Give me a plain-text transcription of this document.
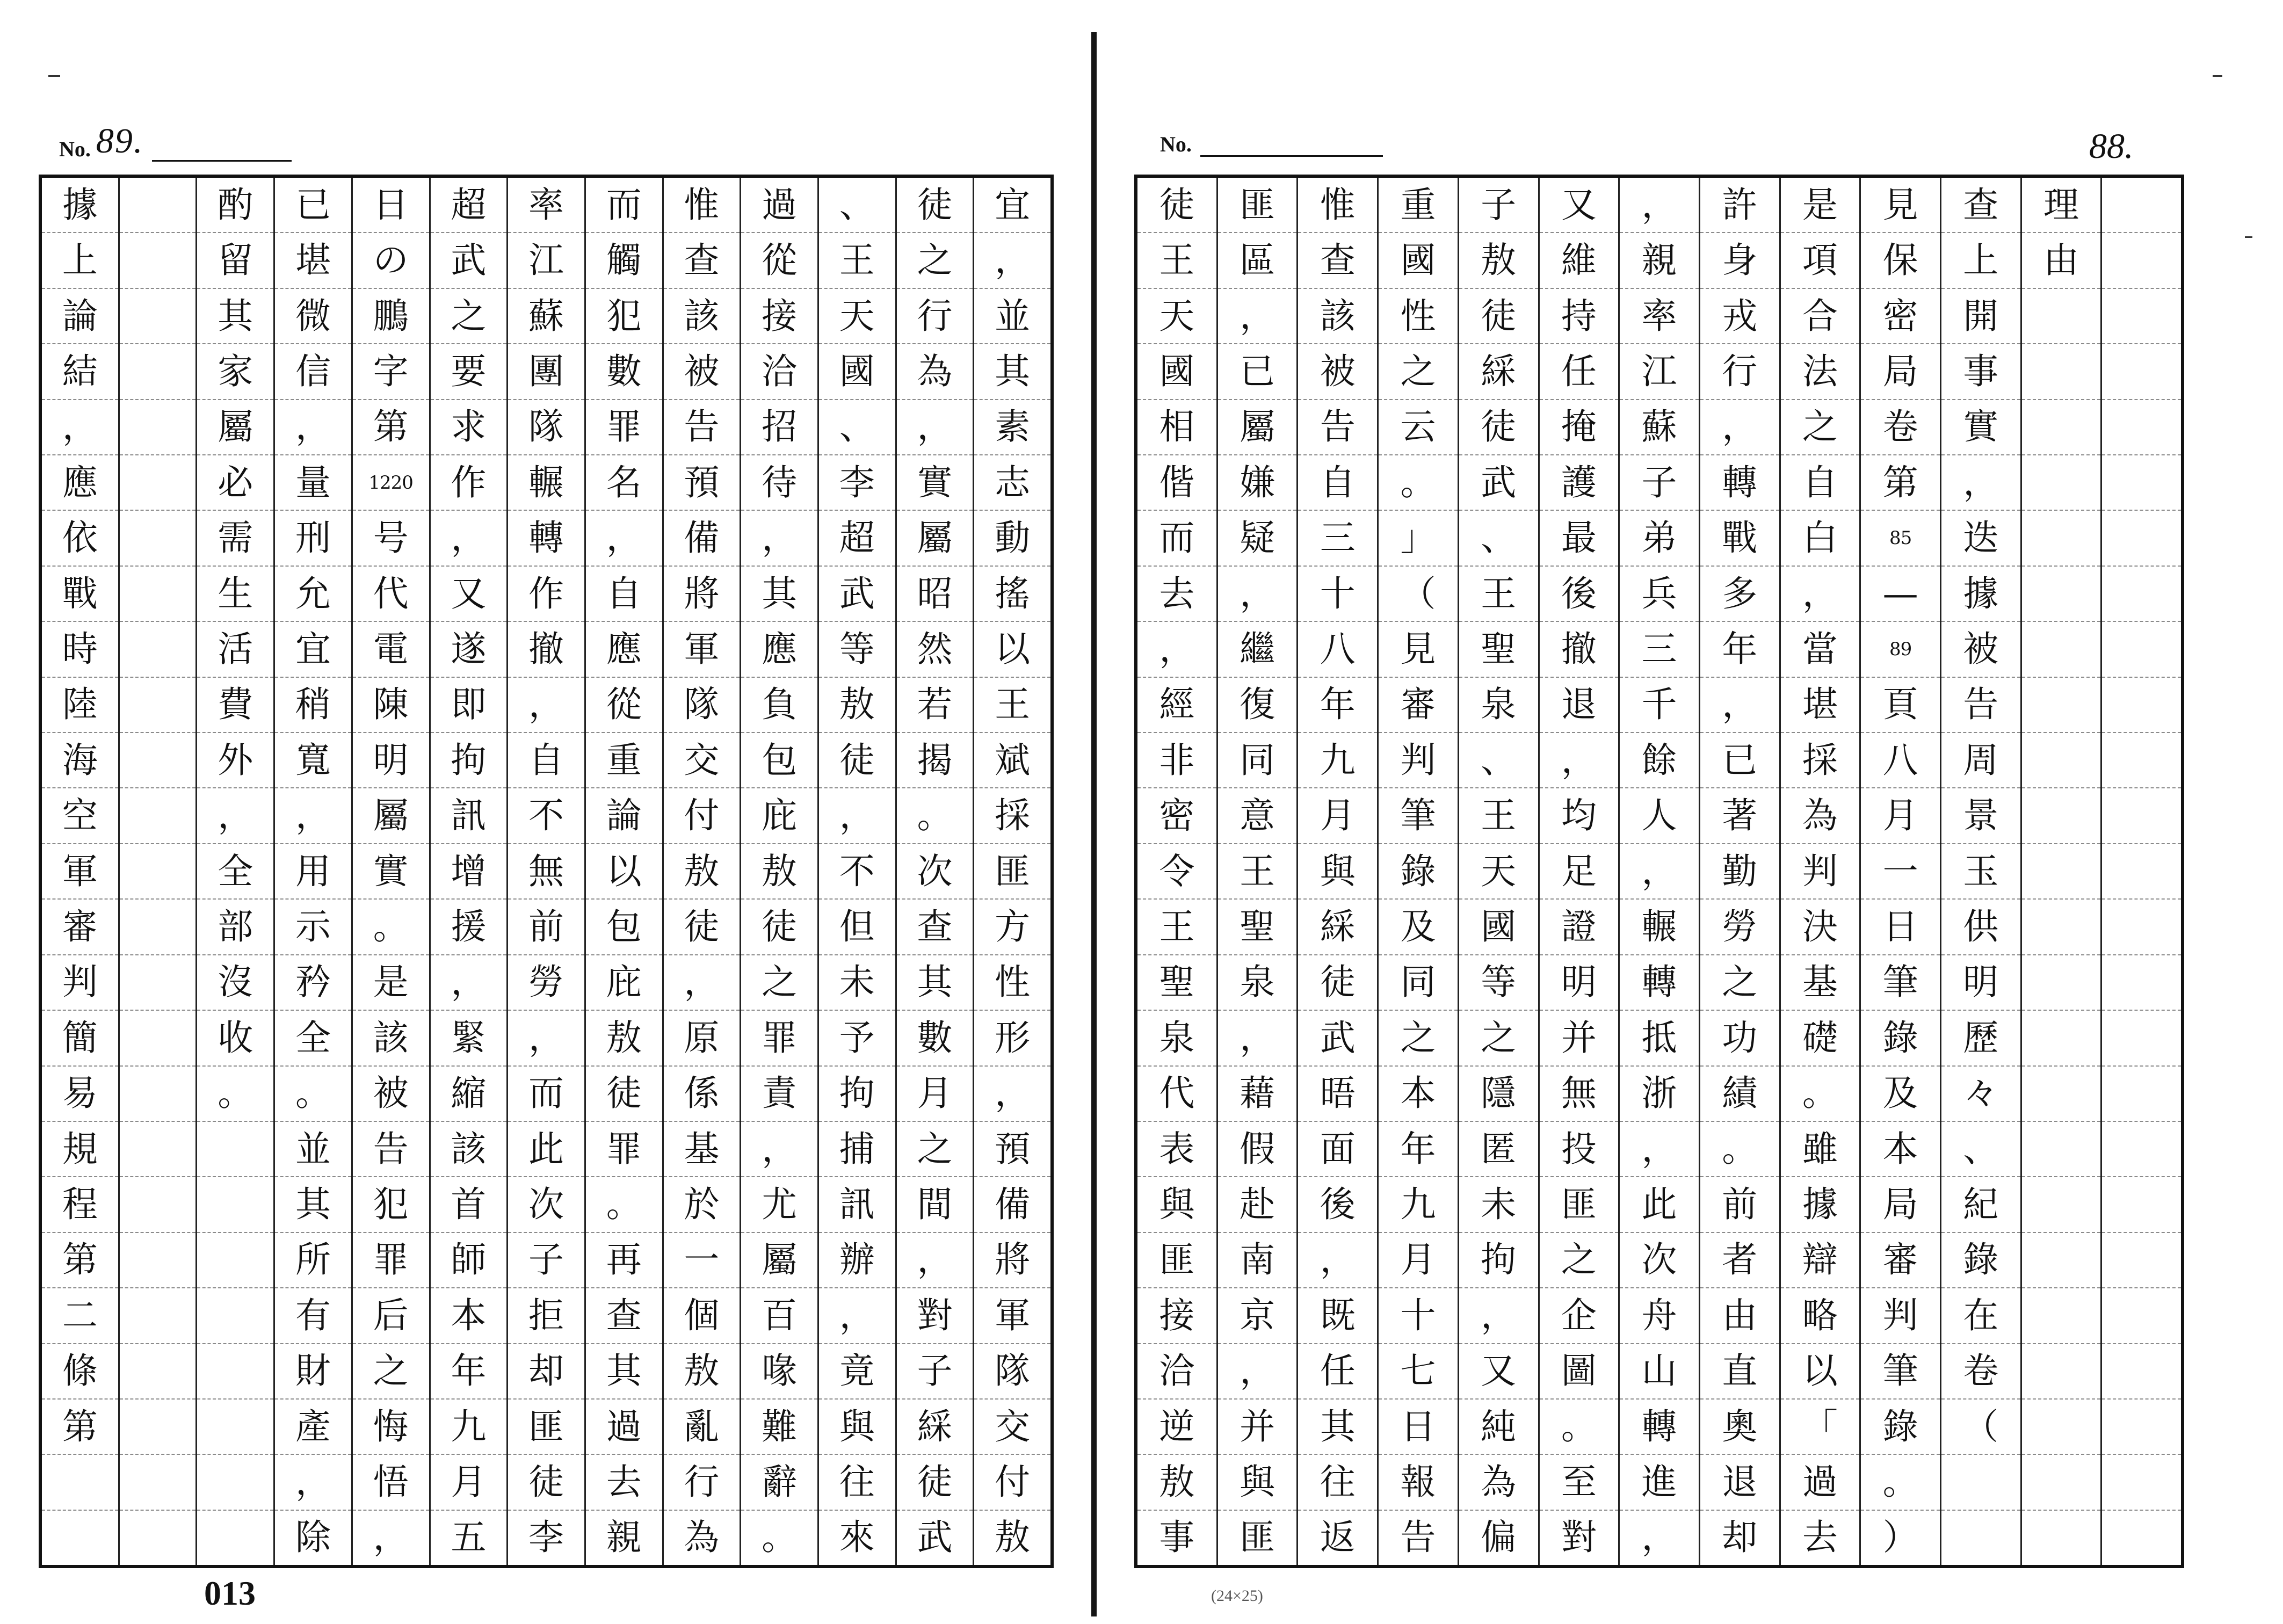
No. 89.
宜
，
並
其
素
志
動
搖
以
王
斌
採
匪
方
性
形
，
預
備
將
軍
隊
交
付
敖
徒
之
行
為
，
實
屬
昭
然
若
揭
。
次
查
其
數
月
之
間
，
對
子
綵
徒
武
、
王
天
國
、
李
超
武
等
敖
徒
，
不
但
未
予
拘
捕
訊
辦
，
竟
與
往
來
過
從
接
洽
招
待
，
其
應
負
包
庇
敖
徒
之
罪
責
，
尤
屬
百
喙
難
辭
。
惟
查
該
被
告
預
備
將
軍
隊
交
付
敖
徒
，
原
係
基
於
一
個
敖
亂
行
為
而
觸
犯
數
罪
名
，
自
應
從
重
論
以
包
庇
敖
徒
罪
。
再
查
其
過
去
親
率
江
蘇
團
隊
輾
轉
作
撤
，
自
不
無
前
勞
，
而
此
次
子
拒
却
匪
徒
李
超
武
之
要
求
作
，
又
遂
即
拘
訊
增
援
，
緊
縮
該
首
師
本
年
九
月
五
日
の
鵬
字
第
1220
号
代
電
陳
明
屬
實
。
是
該
被
告
犯
罪
后
之
悔
悟
，
已
堪
微
信
，
量
刑
允
宜
稍
寬
，
用
示
矜
全
。
並
其
所
有
財
產
，
除
酌
留
其
家
屬
必
需
生
活
費
外
，
全
部
沒
收
。
據
上
論
結
，
應
依
戰
時
陸
海
空
軍
審
判
簡
易
規
程
第
二
條
第
013
No.	88.
理
由
查
上
開
事
實
，
迭
據
被
告
周
景
玉
供
明
歷
々
、
紀
錄
在
卷
（
見
保
密
局
卷
第
85
—
89
頁
八
月
一
日
筆
錄
及
本
局
審
判
筆
錄
。
）
是
項
合
法
之
自
白
，
當
堪
採
為
判
決
基
礎
。
雖
據
辯
略
以
「
過
去
許
身
戎
行
，
轉
戰
多
年
，
已
著
勤
勞
之
功
績
。
前
者
由
直
奧
退
却
，
親
率
江
蘇
子
弟
兵
三
千
餘
人
，
輾
轉
抵
浙
，
此
次
舟
山
轉
進
，
又
維
持
任
掩
護
最
後
撤
退
，
均
足
證
明
并
無
投
匪
之
企
圖
。
至
對
子
敖
徒
綵
徒
武
、
王
聖
泉
、
王
天
國
等
之
隱
匿
未
拘
，
又
純
為
偏
重
國
性
之
云
。
」
（
見
審
判
筆
錄
及
同
之
本
年
九
月
十
七
日
報
告
惟
查
該
被
告
自
三
十
八
年
九
月
與
綵
徒
武
晤
面
後
，
既
任
其
往
返
匪
區
，
已
屬
嫌
疑
，
繼
復
同
意
王
聖
泉
，
藉
假
赴
南
京
，
并
與
匪
徒
王
天
國
相
偕
而
去
，
經
非
密
令
王
聖
泉
代
表
與
匪
接
洽
逆
敖
事
(24×25)
